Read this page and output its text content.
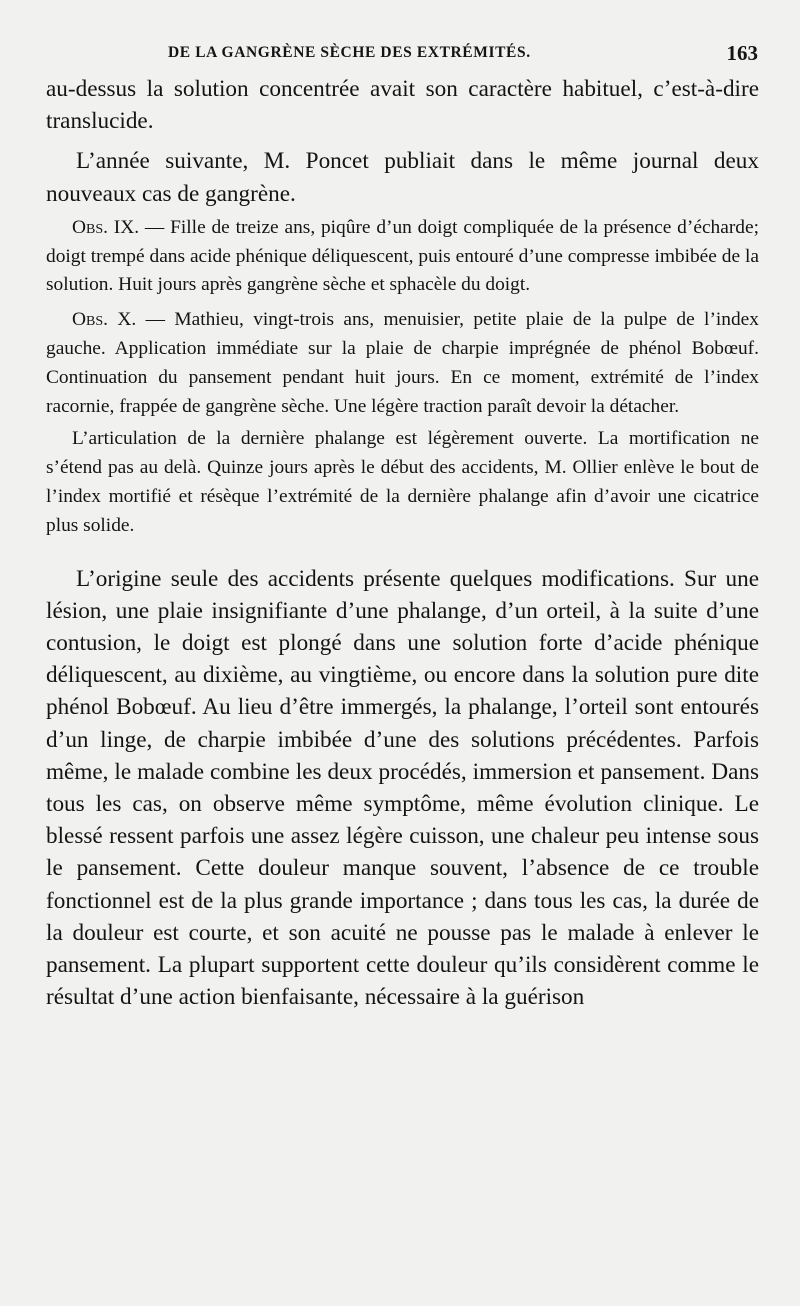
DE LA GANGRÈNE SÈCHE DES EXTRÉMITÉS.	163

au-dessus la solution concentrée avait son caractère habituel, c’est-à-dire translucide.

L’année suivante, M. Poncet publiait dans le même journal deux nouveaux cas de gangrène.

Obs. IX. — Fille de treize ans, piqûre d’un doigt compliquée de la présence d’écharde; doigt trempé dans acide phénique déliquescent, puis entouré d’une compresse imbibée de la solution. Huit jours après gangrène sèche et sphacèle du doigt.

Obs. X. — Mathieu, vingt-trois ans, menuisier, petite plaie de la pulpe de l’index gauche. Application immédiate sur la plaie de charpie imprégnée de phénol Bobœuf. Continuation du pansement pendant huit jours. En ce moment, extrémité de l’index racornie, frappée de gangrène sèche. Une légère traction paraît devoir la détacher.

L’articulation de la dernière phalange est légèrement ouverte. La mortification ne s’étend pas au delà. Quinze jours après le début des accidents, M. Ollier enlève le bout de l’index mortifié et résèque l’extrémité de la dernière phalange afin d’avoir une cicatrice plus solide.

L’origine seule des accidents présente quelques modifications. Sur une lésion, une plaie insignifiante d’une phalange, d’un orteil, à la suite d’une contusion, le doigt est plongé dans une solution forte d’acide phénique déliquescent, au dixième, au vingtième, ou encore dans la solution pure dite phénol Bobœuf. Au lieu d’être immergés, la phalange, l’orteil sont entourés d’un linge, de charpie imbibée d’une des solutions précédentes. Parfois même, le malade combine les deux procédés, immersion et pansement. Dans tous les cas, on observe même symptôme, même évolution clinique. Le blessé ressent parfois une assez légère cuisson, une chaleur peu intense sous le pansement. Cette douleur manque souvent, l’absence de ce trouble fonctionnel est de la plus grande importance ; dans tous les cas, la durée de la douleur est courte, et son acuité ne pousse pas le malade à enlever le pansement. La plupart supportent cette douleur qu’ils considèrent comme le résultat d’une action bienfaisante, nécessaire à la guérison
